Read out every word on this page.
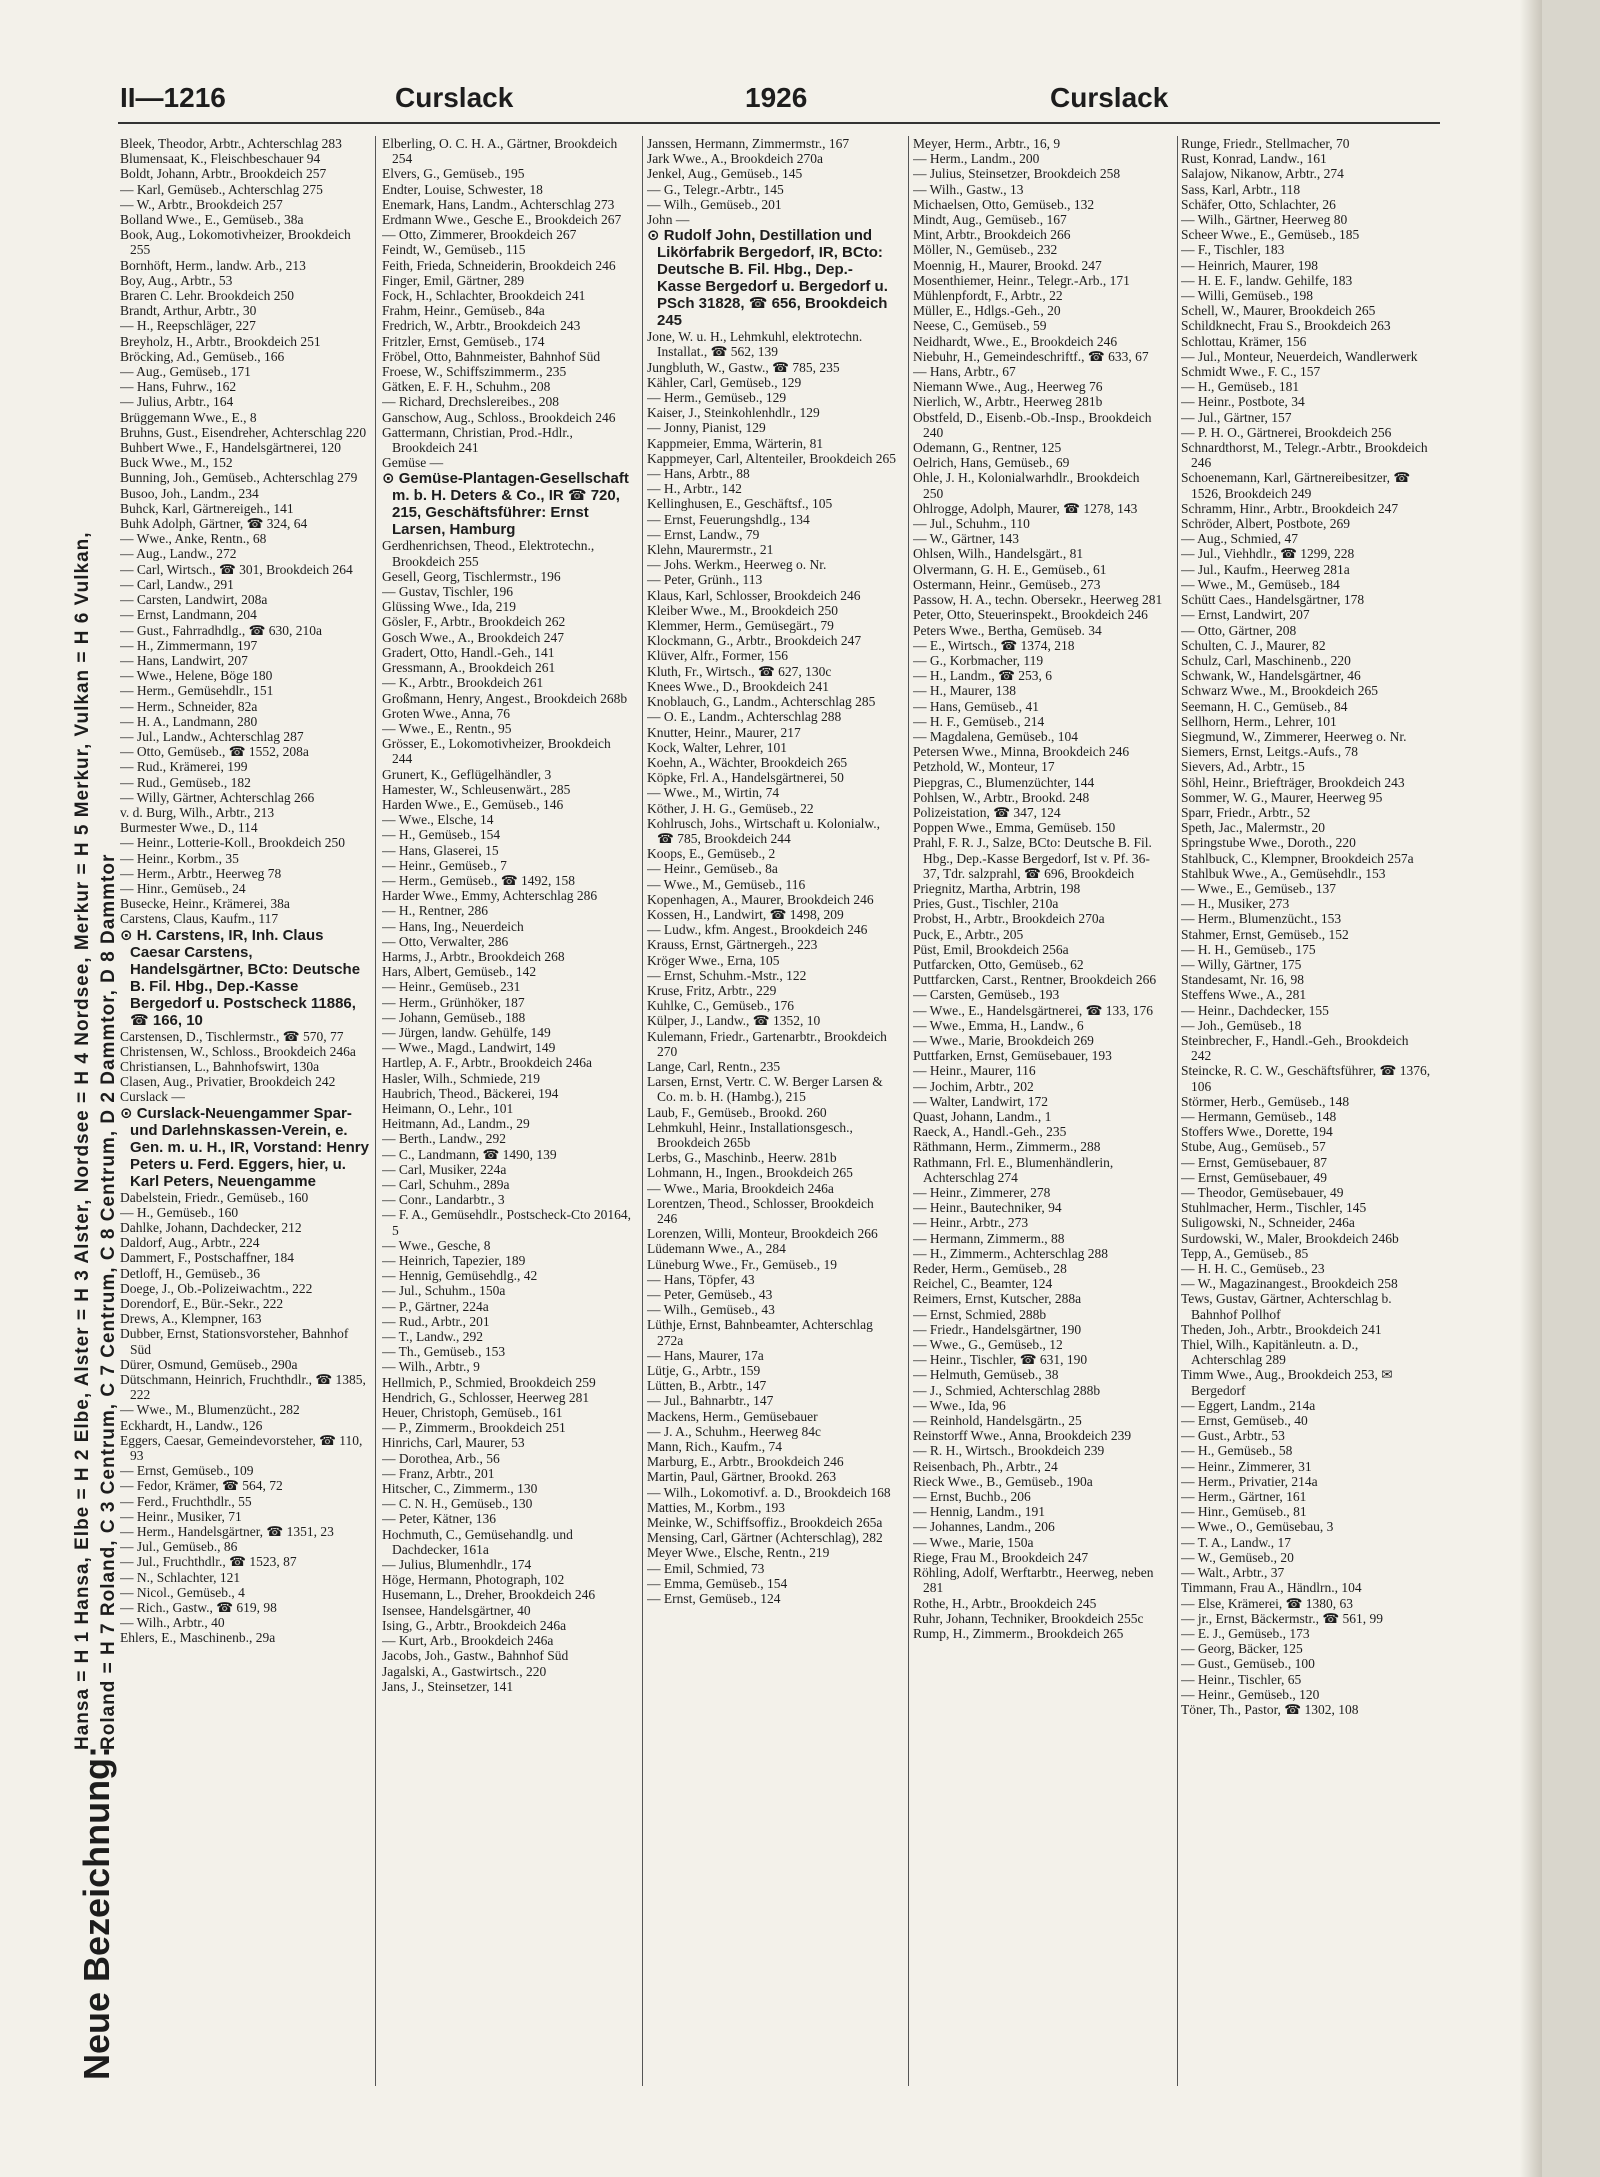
II—1216	Curslack	1926	Curslack
Neue Bezeichnung:
Hansa = H 1 Hansa, Elbe = H 2 Elbe, Alster = H 3 Alster, Nordsee = H 4 Nordsee, Merkur = H 5 Merkur, Vulkan = H 6 Vulkan, Roland = H 7 Roland, C 3 Centrum, C 7 Centrum, C 8 Centrum, D 2 Dammtor, D 8 Dammtor
Bleek, Theodor, Arbtr., Achterschlag 283
Blumensaat, K., Fleischbeschauer 94
Boldt, Johann, Arbtr., Brookdeich 257
— Karl, Gemüseb., Achterschlag 275
— W., Arbtr., Brookdeich 257
Bolland Wwe., E., Gemüseb., 38a
Book, Aug., Lokomotivheizer, Brookdeich 255
Bornhöft, Herm., landw. Arb., 213
Boy, Aug., Arbtr., 53
Braren C. Lehr. Brookdeich 250
Brandt, Arthur, Arbtr., 30
— H., Reepschläger, 227
Breyholz, H., Arbtr., Brookdeich 251
Bröcking, Ad., Gemüseb., 166
— Aug., Gemüseb., 171
— Hans, Fuhrw., 162
— Julius, Arbtr., 164
Brüggemann Wwe., E., 8
Bruhns, Gust., Eisendreher, Achterschlag 220
Buhbert Wwe., F., Handelsgärtnerei, 120
Buck Wwe., M., 152
Bunning, Joh., Gemüseb., Achterschlag 279
Busoo, Joh., Landm., 234
Buhck, Karl, Gärtnereigeh., 141
Buhk Adolph, Gärtner, ☎ 324, 64
— Wwe., Anke, Rentn., 68
— Aug., Landw., 272
— Carl, Wirtsch., ☎ 301, Brookdeich 264
— Carl, Landw., 291
— Carsten, Landwirt, 208a
— Ernst, Landmann, 204
— Gust., Fahrradhdlg., ☎ 630, 210a
— H., Zimmermann, 197
— Hans, Landwirt, 207
— Wwe., Helene, Böge 180
— Herm., Gemüsehdlr., 151
— Herm., Schneider, 82a
— H. A., Landmann, 280
— Jul., Landw., Achterschlag 287
— Otto, Gemüseb., ☎ 1552, 208a
— Rud., Krämerei, 199
— Rud., Gemüseb., 182
— Willy, Gärtner, Achterschlag 266
v. d. Burg, Wilh., Arbtr., 213
Burmester Wwe., D., 114
— Heinr., Lotterie-Koll., Brookdeich 250
— Heinr., Korbm., 35
— Herm., Arbtr., Heerweg 78
— Hinr., Gemüseb., 24
Busecke, Heinr., Krämerei, 38a
Carstens, Claus, Kaufm., 117
⊙ H. Carstens, IR, Inh. Claus Caesar Carstens, Handelsgärtner, BCto: Deutsche B. Fil. Hbg., Dep.-Kasse Bergedorf u. Postscheck 11886, ☎ 166, 10
Carstensen, D., Tischlermstr., ☎ 570, 77
Christensen, W., Schloss., Brookdeich 246a
Christiansen, L., Bahnhofswirt, 130a
Clasen, Aug., Privatier, Brookdeich 242
Curslack —
⊙ Curslack-Neuengammer Spar- und Darlehnskassen-Verein, e. Gen. m. u. H., IR, Vorstand: Henry Peters u. Ferd. Eggers, hier, u. Karl Peters, Neuengamme
Dabelstein, Friedr., Gemüseb., 160
— H., Gemüseb., 160
Dahlke, Johann, Dachdecker, 212
Daldorf, Aug., Arbtr., 224
Dammert, F., Postschaffner, 184
Detloff, H., Gemüseb., 36
Doege, J., Ob.-Polizeiwachtm., 222
Dorendorf, E., Bür.-Sekr., 222
Drews, A., Klempner, 163
Dubber, Ernst, Stationsvorsteher, Bahnhof Süd
Dürer, Osmund, Gemüseb., 290a
Dütschmann, Heinrich, Fruchthdlr., ☎ 1385, 222
— Wwe., M., Blumenzücht., 282
Eckhardt, H., Landw., 126
Eggers, Caesar, Gemeindevorsteher, ☎ 110, 93
— Ernst, Gemüseb., 109
— Fedor, Krämer, ☎ 564, 72
— Ferd., Fruchthdlr., 55
— Heinr., Musiker, 71
— Herm., Handelsgärtner, ☎ 1351, 23
— Jul., Gemüseb., 86
— Jul., Fruchthdlr., ☎ 1523, 87
— N., Schlachter, 121
— Nicol., Gemüseb., 4
— Rich., Gastw., ☎ 619, 98
— Wilh., Arbtr., 40
Ehlers, E., Maschinenb., 29a
Elberling, O. C. H. A., Gärtner, Brookdeich 254
Elvers, G., Gemüseb., 195
Endter, Louise, Schwester, 18
Enemark, Hans, Landm., Achterschlag 273
Erdmann Wwe., Gesche E., Brookdeich 267
— Otto, Zimmerer, Brookdeich 267
Feindt, W., Gemüseb., 115
Feith, Frieda, Schneiderin, Brookdeich 246
Finger, Emil, Gärtner, 289
Fock, H., Schlachter, Brookdeich 241
Frahm, Heinr., Gemüseb., 84a
Fredrich, W., Arbtr., Brookdeich 243
Fritzler, Ernst, Gemüseb., 174
Fröbel, Otto, Bahnmeister, Bahnhof Süd
Froese, W., Schiffszimmerm., 235
Gätken, E. F. H., Schuhm., 208
— Richard, Drechslereibes., 208
Ganschow, Aug., Schloss., Brookdeich 246
Gattermann, Christian, Prod.-Hdlr., Brookdeich 241
Gemüse —
⊙ Gemüse-Plantagen-Gesellschaft m. b. H. Deters & Co., IR ☎ 720, 215, Geschäftsführer: Ernst Larsen, Hamburg
Gerdhenrichsen, Theod., Elektrotechn., Brookdeich 255
Gesell, Georg, Tischlermstr., 196
— Gustav, Tischler, 196
Glüssing Wwe., Ida, 219
Gösler, F., Arbtr., Brookdeich 262
Gosch Wwe., A., Brookdeich 247
Gradert, Otto, Handl.-Geh., 141
Gressmann, A., Brookdeich 261
— K., Arbtr., Brookdeich 261
Großmann, Henry, Angest., Brookdeich 268b
Groten Wwe., Anna, 76
— Wwe., E., Rentn., 95
Grösser, E., Lokomotivheizer, Brookdeich 244
Grunert, K., Geflügelhändler, 3
Hamester, W., Schleusenwärt., 285
Harden Wwe., E., Gemüseb., 146
— Wwe., Elsche, 14
— H., Gemüseb., 154
— Hans, Glaserei, 15
— Heinr., Gemüseb., 7
— Herm., Gemüseb., ☎ 1492, 158
Harder Wwe., Emmy, Achterschlag 286
— H., Rentner, 286
— Hans, Ing., Neuerdeich
— Otto, Verwalter, 286
Harms, J., Arbtr., Brookdeich 268
Hars, Albert, Gemüseb., 142
— Heinr., Gemüseb., 231
— Herm., Grünhöker, 187
— Johann, Gemüseb., 188
— Jürgen, landw. Gehülfe, 149
— Wwe., Magd., Landwirt, 149
Hartlep, A. F., Arbtr., Brookdeich 246a
Hasler, Wilh., Schmiede, 219
Haubrich, Theod., Bäckerei, 194
Heimann, O., Lehr., 101
Heitmann, Ad., Landm., 29
— Berth., Landw., 292
— C., Landmann, ☎ 1490, 139
— Carl, Musiker, 224a
— Carl, Schuhm., 289a
— Conr., Landarbtr., 3
— F. A., Gemüsehdlr., Postscheck-Cto 20164, 5
— Wwe., Gesche, 8
— Heinrich, Tapezier, 189
— Hennig, Gemüsehdlg., 42
— Jul., Schuhm., 150a
— P., Gärtner, 224a
— Rud., Arbtr., 201
— T., Landw., 292
— Th., Gemüseb., 153
— Wilh., Arbtr., 9
Hellmich, P., Schmied, Brookdeich 259
Hendrich, G., Schlosser, Heerweg 281
Heuer, Christoph, Gemüseb., 161
— P., Zimmerm., Brookdeich 251
Hinrichs, Carl, Maurer, 53
— Dorothea, Arb., 56
— Franz, Arbtr., 201
Hitscher, C., Zimmerm., 130
— C. N. H., Gemüseb., 130
— Peter, Kätner, 136
Hochmuth, C., Gemüsehandlg. und Dachdecker, 161a
— Julius, Blumenhdlr., 174
Höge, Hermann, Photograph, 102
Husemann, L., Dreher, Brookdeich 246
Isensee, Handelsgärtner, 40
Ising, G., Arbtr., Brookdeich 246a
— Kurt, Arb., Brookdeich 246a
Jacobs, Joh., Gastw., Bahnhof Süd
Jagalski, A., Gastwirtsch., 220
Jans, J., Steinsetzer, 141
Janssen, Hermann, Zimmermstr., 167
Jark Wwe., A., Brookdeich 270a
Jenkel, Aug., Gemüseb., 145
— G., Telegr.-Arbtr., 145
— Wilh., Gemüseb., 201
John —
⊙ Rudolf John, Destillation und Likörfabrik Bergedorf, IR, BCto: Deutsche B. Fil. Hbg., Dep.-Kasse Bergedorf u. Bergedorf u. PSch 31828, ☎ 656, Brookdeich 245
Jone, W. u. H., Lehmkuhl, elektrotechn. Installat., ☎ 562, 139
Jungbluth, W., Gastw., ☎ 785, 235
Kähler, Carl, Gemüseb., 129
— Herm., Gemüseb., 129
Kaiser, J., Steinkohlenhdlr., 129
— Jonny, Pianist, 129
Kappmeier, Emma, Wärterin, 81
Kappmeyer, Carl, Altenteiler, Brookdeich 265
— Hans, Arbtr., 88
— H., Arbtr., 142
Kellinghusen, E., Geschäftsf., 105
— Ernst, Feuerungshdlg., 134
— Ernst, Landw., 79
Klehn, Maurermstr., 21
— Johs. Werkm., Heerweg o. Nr.
— Peter, Grünh., 113
Klaus, Karl, Schlosser, Brookdeich 246
Kleiber Wwe., M., Brookdeich 250
Klemmer, Herm., Gemüsegärt., 79
Klockmann, G., Arbtr., Brookdeich 247
Klüver, Alfr., Former, 156
Kluth, Fr., Wirtsch., ☎ 627, 130c
Knees Wwe., D., Brookdeich 241
Knoblauch, G., Landm., Achterschlag 285
— O. E., Landm., Achterschlag 288
Knutter, Heinr., Maurer, 217
Kock, Walter, Lehrer, 101
Koehn, A., Wächter, Brookdeich 265
Köpke, Frl. A., Handelsgärtnerei, 50
— Wwe., M., Wirtin, 74
Köther, J. H. G., Gemüseb., 22
Kohlrusch, Johs., Wirtschaft u. Kolonialw., ☎ 785, Brookdeich 244
Koops, E., Gemüseb., 2
— Heinr., Gemüseb., 8a
— Wwe., M., Gemüseb., 116
Kopenhagen, A., Maurer, Brookdeich 246
Kossen, H., Landwirt, ☎ 1498, 209
— Ludw., kfm. Angest., Brookdeich 246
Krauss, Ernst, Gärtnergeh., 223
Kröger Wwe., Erna, 105
— Ernst, Schuhm.-Mstr., 122
Kruse, Fritz, Arbtr., 229
Kuhlke, C., Gemüseb., 176
Külper, J., Landw., ☎ 1352, 10
Kulemann, Friedr., Gartenarbtr., Brookdeich 270
Lange, Carl, Rentn., 235
Larsen, Ernst, Vertr. C. W. Berger Larsen & Co. m. b. H. (Hambg.), 215
Laub, F., Gemüseb., Brookd. 260
Lehmkuhl, Heinr., Installationsgesch., Brookdeich 265b
Lerbs, G., Maschinb., Heerw. 281b
Lohmann, H., Ingen., Brookdeich 265
— Wwe., Maria, Brookdeich 246a
Lorentzen, Theod., Schlosser, Brookdeich 246
Lorenzen, Willi, Monteur, Brookdeich 266
Lüdemann Wwe., A., 284
Lüneburg Wwe., Fr., Gemüseb., 19
— Hans, Töpfer, 43
— Peter, Gemüseb., 43
— Wilh., Gemüseb., 43
Lüthje, Ernst, Bahnbeamter, Achterschlag 272a
— Hans, Maurer, 17a
Lütje, G., Arbtr., 159
Lütten, B., Arbtr., 147
— Jul., Bahnarbtr., 147
Mackens, Herm., Gemüsebauer
— J. A., Schuhm., Heerweg 84c
Mann, Rich., Kaufm., 74
Marburg, E., Arbtr., Brookdeich 246
Martin, Paul, Gärtner, Brookd. 263
— Wilh., Lokomotivf. a. D., Brookdeich 168
Matties, M., Korbm., 193
Meinke, W., Schiffsoffiz., Brookdeich 265a
Mensing, Carl, Gärtner (Achterschlag), 282
Meyer Wwe., Elsche, Rentn., 219
— Emil, Schmied, 73
— Emma, Gemüseb., 154
— Ernst, Gemüseb., 124
Meyer, Herm., Arbtr., 16, 9
— Herm., Landm., 200
— Julius, Steinsetzer, Brookdeich 258
— Wilh., Gastw., 13
Michaelsen, Otto, Gemüseb., 132
Mindt, Aug., Gemüseb., 167
Mint, Arbtr., Brookdeich 266
Möller, N., Gemüseb., 232
Moennig, H., Maurer, Brookd. 247
Mosenthiemer, Heinr., Telegr.-Arb., 171
Mühlenpfordt, F., Arbtr., 22
Müller, E., Hdlgs.-Geh., 20
Neese, C., Gemüseb., 59
Neidhardt, Wwe., E., Brookdeich 246
Niebuhr, H., Gemeindeschriftf., ☎ 633, 67
— Hans, Arbtr., 67
Niemann Wwe., Aug., Heerweg 76
Nierlich, W., Arbtr., Heerweg 281b
Obstfeld, D., Eisenb.-Ob.-Insp., Brookdeich 240
Odemann, G., Rentner, 125
Oelrich, Hans, Gemüseb., 69
Ohle, J. H., Kolonialwarhdlr., Brookdeich 250
Ohlrogge, Adolph, Maurer, ☎ 1278, 143
— Jul., Schuhm., 110
— W., Gärtner, 143
Ohlsen, Wilh., Handelsgärt., 81
Olvermann, G. H. E., Gemüseb., 61
Ostermann, Heinr., Gemüseb., 273
Passow, H. A., techn. Obersekr., Heerweg 281
Peter, Otto, Steuerinspekt., Brookdeich 246
Peters Wwe., Bertha, Gemüseb. 34
— E., Wirtsch., ☎ 1374, 218
— G., Korbmacher, 119
— H., Landm., ☎ 253, 6
— H., Maurer, 138
— Hans, Gemüseb., 41
— H. F., Gemüseb., 214
— Magdalena, Gemüseb., 104
Petersen Wwe., Minna, Brookdeich 246
Petzhold, W., Monteur, 17
Piepgras, C., Blumenzüchter, 144
Pohlsen, W., Arbtr., Brookd. 248
Polizeistation, ☎ 347, 124
Poppen Wwe., Emma, Gemüseb. 150
Prahl, F. R. J., Salze, BCto: Deutsche B. Fil. Hbg., Dep.-Kasse Bergedorf, Ist v. Pf. 36-37, Tdr. salzprahl, ☎ 696, Brookdeich
Priegnitz, Martha, Arbtrin, 198
Pries, Gust., Tischler, 210a
Probst, H., Arbtr., Brookdeich 270a
Puck, E., Arbtr., 205
Püst, Emil, Brookdeich 256a
Putfarcken, Otto, Gemüseb., 62
Puttfarcken, Carst., Rentner, Brookdeich 266
— Carsten, Gemüseb., 193
— Wwe., E., Handelsgärtnerei, ☎ 133, 176
— Wwe., Emma, H., Landw., 6
— Wwe., Marie, Brookdeich 269
Puttfarken, Ernst, Gemüsebauer, 193
— Heinr., Maurer, 116
— Jochim, Arbtr., 202
— Walter, Landwirt, 172
Quast, Johann, Landm., 1
Raeck, A., Handl.-Geh., 235
Räthmann, Herm., Zimmerm., 288
Rathmann, Frl. E., Blumenhändlerin, Achterschlag 274
— Heinr., Zimmerer, 278
— Heinr., Bautechniker, 94
— Heinr., Arbtr., 273
— Hermann, Zimmerm., 88
— H., Zimmerm., Achterschlag 288
Reder, Herm., Gemüseb., 28
Reichel, C., Beamter, 124
Reimers, Ernst, Kutscher, 288a
— Ernst, Schmied, 288b
— Friedr., Handelsgärtner, 190
— Wwe., G., Gemüseb., 12
— Heinr., Tischler, ☎ 631, 190
— Helmuth, Gemüseb., 38
— J., Schmied, Achterschlag 288b
— Wwe., Ida, 96
— Reinhold, Handelsgärtn., 25
Reinstorff Wwe., Anna, Brookdeich 239
— R. H., Wirtsch., Brookdeich 239
Reisenbach, Ph., Arbtr., 24
Rieck Wwe., B., Gemüseb., 190a
— Ernst, Buchb., 206
— Hennig, Landm., 191
— Johannes, Landm., 206
— Wwe., Marie, 150a
Riege, Frau M., Brookdeich 247
Röhling, Adolf, Werftarbtr., Heerweg, neben 281
Rothe, H., Arbtr., Brookdeich 245
Ruhr, Johann, Techniker, Brookdeich 255c
Rump, H., Zimmerm., Brookdeich 265
Runge, Friedr., Stellmacher, 70
Rust, Konrad, Landw., 161
Salajow, Nikanow, Arbtr., 274
Sass, Karl, Arbtr., 118
Schäfer, Otto, Schlachter, 26
— Wilh., Gärtner, Heerweg 80
Scheer Wwe., E., Gemüseb., 185
— F., Tischler, 183
— Heinrich, Maurer, 198
— H. E. F., landw. Gehilfe, 183
— Willi, Gemüseb., 198
Schell, W., Maurer, Brookdeich 265
Schildknecht, Frau S., Brookdeich 263
Schlottau, Krämer, 156
— Jul., Monteur, Neuerdeich, Wandlerwerk
Schmidt Wwe., F. C., 157
— H., Gemüseb., 181
— Heinr., Postbote, 34
— Jul., Gärtner, 157
— P. H. O., Gärtnerei, Brookdeich 256
Schnardthorst, M., Telegr.-Arbtr., Brookdeich 246
Schoenemann, Karl, Gärtnereibesitzer, ☎ 1526, Brookdeich 249
Schramm, Hinr., Arbtr., Brookdeich 247
Schröder, Albert, Postbote, 269
— Aug., Schmied, 47
— Jul., Viehhdlr., ☎ 1299, 228
— Jul., Kaufm., Heerweg 281a
— Wwe., M., Gemüseb., 184
Schütt Caes., Handelsgärtner, 178
— Ernst, Landwirt, 207
— Otto, Gärtner, 208
Schulten, C. J., Maurer, 82
Schulz, Carl, Maschinenb., 220
Schwank, W., Handelsgärtner, 46
Schwarz Wwe., M., Brookdeich 265
Seemann, H. C., Gemüseb., 84
Sellhorn, Herm., Lehrer, 101
Siegmund, W., Zimmerer, Heerweg o. Nr.
Siemers, Ernst, Leitgs.-Aufs., 78
Sievers, Ad., Arbtr., 15
Söhl, Heinr., Briefträger, Brookdeich 243
Sommer, W. G., Maurer, Heerweg 95
Sparr, Friedr., Arbtr., 52
Speth, Jac., Malermstr., 20
Springstube Wwe., Doroth., 220
Stahlbuck, C., Klempner, Brookdeich 257a
Stahlbuk Wwe., A., Gemüsehdlr., 153
— Wwe., E., Gemüseb., 137
— H., Musiker, 273
— Herm., Blumenzücht., 153
Stahmer, Ernst, Gemüseb., 152
— H. H., Gemüseb., 175
— Willy, Gärtner, 175
Standesamt, Nr. 16, 98
Steffens Wwe., A., 281
— Heinr., Dachdecker, 155
— Joh., Gemüseb., 18
Steinbrecher, F., Handl.-Geh., Brookdeich 242
Steincke, R. C. W., Geschäftsführer, ☎ 1376, 106
Störmer, Herb., Gemüseb., 148
— Hermann, Gemüseb., 148
Stoffers Wwe., Dorette, 194
Stube, Aug., Gemüseb., 57
— Ernst, Gemüsebauer, 87
— Ernst, Gemüsebauer, 49
— Theodor, Gemüsebauer, 49
Stuhlmacher, Herm., Tischler, 145
Suligowski, N., Schneider, 246a
Surdowski, W., Maler, Brookdeich 246b
Tepp, A., Gemüseb., 85
— H. H. C., Gemüseb., 23
— W., Magazinangest., Brookdeich 258
Tews, Gustav, Gärtner, Achterschlag b. Bahnhof Pollhof
Theden, Joh., Arbtr., Brookdeich 241
Thiel, Wilh., Kapitänleutn. a. D., Achterschlag 289
Timm Wwe., Aug., Brookdeich 253, ✉ Bergedorf
— Eggert, Landm., 214a
— Ernst, Gemüseb., 40
— Gust., Arbtr., 53
— H., Gemüseb., 58
— Heinr., Zimmerer, 31
— Herm., Privatier, 214a
— Herm., Gärtner, 161
— Hinr., Gemüseb., 81
— Wwe., O., Gemüsebau, 3
— T. A., Landw., 17
— W., Gemüseb., 20
— Walt., Arbtr., 37
Timmann, Frau A., Händlrn., 104
— Else, Krämerei, ☎ 1380, 63
— jr., Ernst, Bäckermstr., ☎ 561, 99
— E. J., Gemüseb., 173
— Georg, Bäcker, 125
— Gust., Gemüseb., 100
— Heinr., Tischler, 65
— Heinr., Gemüseb., 120
Töner, Th., Pastor, ☎ 1302, 108
